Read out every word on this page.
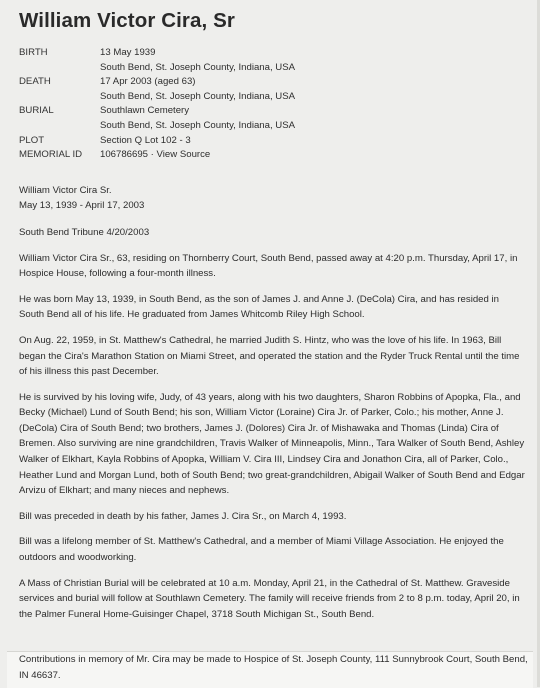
William Victor Cira, Sr
BIRTH	13 May 1939
South Bend, St. Joseph County, Indiana, USA

DEATH	17 Apr 2003 (aged 63)
South Bend, St. Joseph County, Indiana, USA

BURIAL	Southlawn Cemetery
South Bend, St. Joseph County, Indiana, USA

PLOT	Section Q Lot 102 - 3

MEMORIAL ID	106786695 · View Source

William Victor Cira Sr.

May 13, 1939 - April 17, 2003

South Bend Tribune 4/20/2003

William Victor Cira Sr., 63, residing on Thornberry Court, South Bend, passed away at 4:20 p.m. Thursday, April 17, in Hospice House, following a four-month illness.

He was born May 13, 1939, in South Bend, as the son of James J. and Anne J. (DeCola) Cira, and has resided in South Bend all of his life. He graduated from James Whitcomb Riley High School.

On Aug. 22, 1959, in St. Matthew's Cathedral, he married Judith S. Hintz, who was the love of his life. In 1963, Bill began the Cira's Marathon Station on Miami Street, and operated the station and the Ryder Truck Rental until the time of his illness this past December.

He is survived by his loving wife, Judy, of 43 years, along with his two daughters, Sharon Robbins of Apopka, Fla., and Becky (Michael) Lund of South Bend; his son, William Victor (Loraine) Cira Jr. of Parker, Colo.; his mother, Anne J. (DeCola) Cira of South Bend; two brothers, James J. (Dolores) Cira Jr. of Mishawaka and Thomas (Linda) Cira of Bremen. Also surviving are nine grandchildren, Travis Walker of Minneapolis, Minn., Tara Walker of South Bend, Ashley Walker of Elkhart, Kayla Robbins of Apopka, William V. Cira III, Lindsey Cira and Jonathon Cira, all of Parker, Colo., Heather Lund and Morgan Lund, both of South Bend; two great-grandchildren, Abigail Walker of South Bend and Edgar Arvizu of Elkhart; and many nieces and nephews.

Bill was preceded in death by his father, James J. Cira Sr., on March 4, 1993.

Bill was a lifelong member of St. Matthew's Cathedral, and a member of Miami Village Association. He enjoyed the outdoors and woodworking.

A Mass of Christian Burial will be celebrated at 10 a.m. Monday, April 21, in the Cathedral of St. Matthew. Graveside services and burial will follow at Southlawn Cemetery. The family will receive friends from 2 to 8 p.m. today, April 20, in the Palmer Funeral Home-Guisinger Chapel, 3718 South Michigan St., South Bend.

Contributions in memory of Mr. Cira may be made to Hospice of St. Joseph County, 111 Sunnybrook Court, South Bend, IN 46637.
